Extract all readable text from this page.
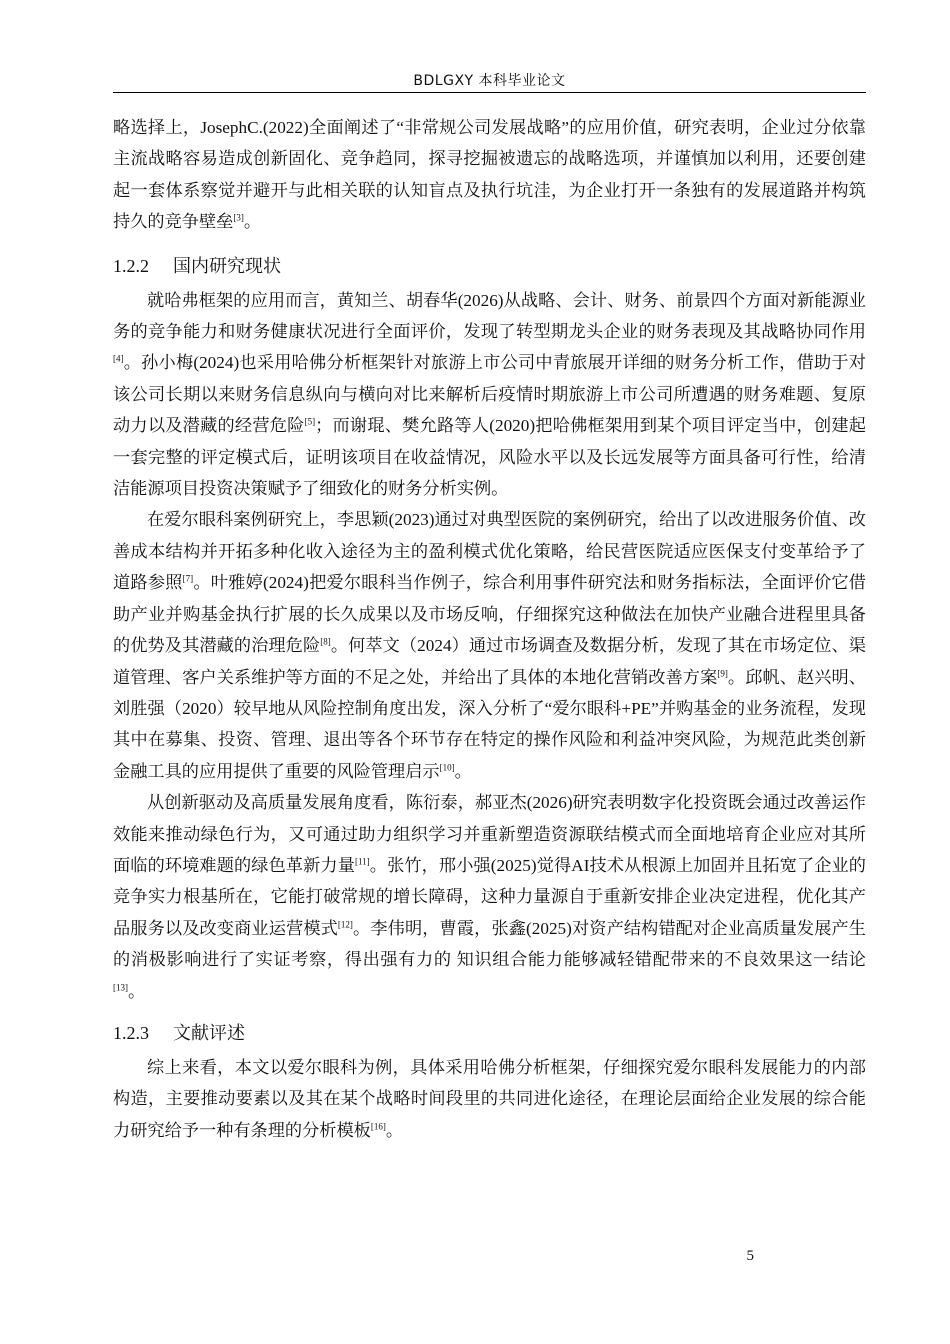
BDLGXY 本科毕业论文

略选择上，JosephC.(2022)全面阐述了“非常规公司发展战略”的应用价值，研究表明，企业过分依靠主流战略容易造成创新固化、竞争趋同，探寻挖掘被遗忘的战略选项，并谨慎加以利用，还要创建起一套体系察觉并避开与此相关联的认知盲点及执行坑洼，为企业打开一条独有的发展道路并构筑持久的竞争壁垒[3]。

1.2.2 国内研究现状

就哈弗框架的应用而言，黄知兰、胡春华(2026)从战略、会计、财务、前景四个方面对新能源业务的竞争能力和财务健康状况进行全面评价，发现了转型期龙头企业的财务表现及其战略协同作用[4]。孙小梅(2024)也采用哈佛分析框架针对旅游上市公司中青旅展开详细的财务分析工作，借助于对该公司长期以来财务信息纵向与横向对比来解析后疫情时期旅游上市公司所遭遇的财务难题、复原动力以及潜藏的经营危险[5]；而谢琨、樊允路等人(2020)把哈佛框架用到某个项目评定当中，创建起一套完整的评定模式后，证明该项目在收益情况，风险水平以及长远发展等方面具备可行性，给清洁能源项目投资决策赋予了细致化的财务分析实例。

在爱尔眼科案例研究上，李思颖(2023)通过对典型医院的案例研究，给出了以改进服务价值、改善成本结构并开拓多种化收入途径为主的盈利模式优化策略，给民营医院适应医保支付变革给予了道路参照[7]。叶雅婷(2024)把爱尔眼科当作例子，综合利用事件研究法和财务指标法，全面评价它借助产业并购基金执行扩展的长久成果以及市场反响，仔细探究这种做法在加快产业融合进程里具备的优势及其潜藏的治理危险[8]。何萃文（2024）通过市场调查及数据分析，发现了其在市场定位、渠道管理、客户关系维护等方面的不足之处，并给出了具体的本地化营销改善方案[9]。邱帆、赵兴明、刘胜强（2020）较早地从风险控制角度出发，深入分析了“爱尔眼科+PE”并购基金的业务流程，发现其中在募集、投资、管理、退出等各个环节存在特定的操作风险和利益冲突风险，为规范此类创新金融工具的应用提供了重要的风险管理启示[10]。

从创新驱动及高质量发展角度看，陈衍泰，郝亚杰(2026)研究表明数字化投资既会通过改善运作效能来推动绿色行为，又可通过助力组织学习并重新塑造资源联结模式而全面地培育企业应对其所面临的环境难题的绿色革新力量[11]。张竹，邢小强(2025)觉得AI技术从根源上加固并且拓宽了企业的竞争实力根基所在，它能打破常规的增长障碍，这种力量源自于重新安排企业决定进程，优化其产品服务以及改变商业运营模式[12]。李伟明，曹霞，张鑫(2025)对资产结构错配对企业高质量发展产生的消极影响进行了实证考察，得出强有力的 知识组合能力能够减轻错配带来的不良效果这一结论[13]。

1.2.3 文献评述

综上来看，本文以爱尔眼科为例，具体采用哈佛分析框架，仔细探究爱尔眼科发展能力的内部构造，主要推动要素以及其在某个战略时间段里的共同进化途径，在理论层面给企业发展的综合能力研究给予一种有条理的分析模板[16]。

5
